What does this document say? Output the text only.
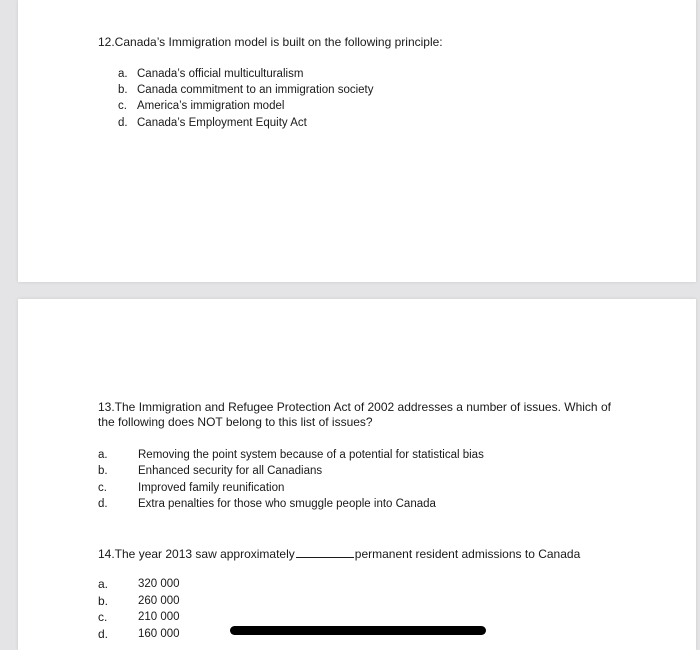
12.Canada’s Immigration model is built on the following principle:

a. Canada’s official multiculturalism
b. Canada commitment to an immigration society
c. America’s immigration model
d. Canada’s Employment Equity Act

13.The Immigration and Refugee Protection Act of 2002 addresses a number of issues. Which of the following does NOT belong to this list of issues?

a.	Removing the point system because of a potential for statistical bias
b.	Enhanced security for all Canadians
c.	Improved family reunification
d.	Extra penalties for those who smuggle people into Canada

14.The year 2013 saw approximately	permanent resident admissions to Canada

a.	320 000
b.	260 000
c.	210 000
d.	160 000
